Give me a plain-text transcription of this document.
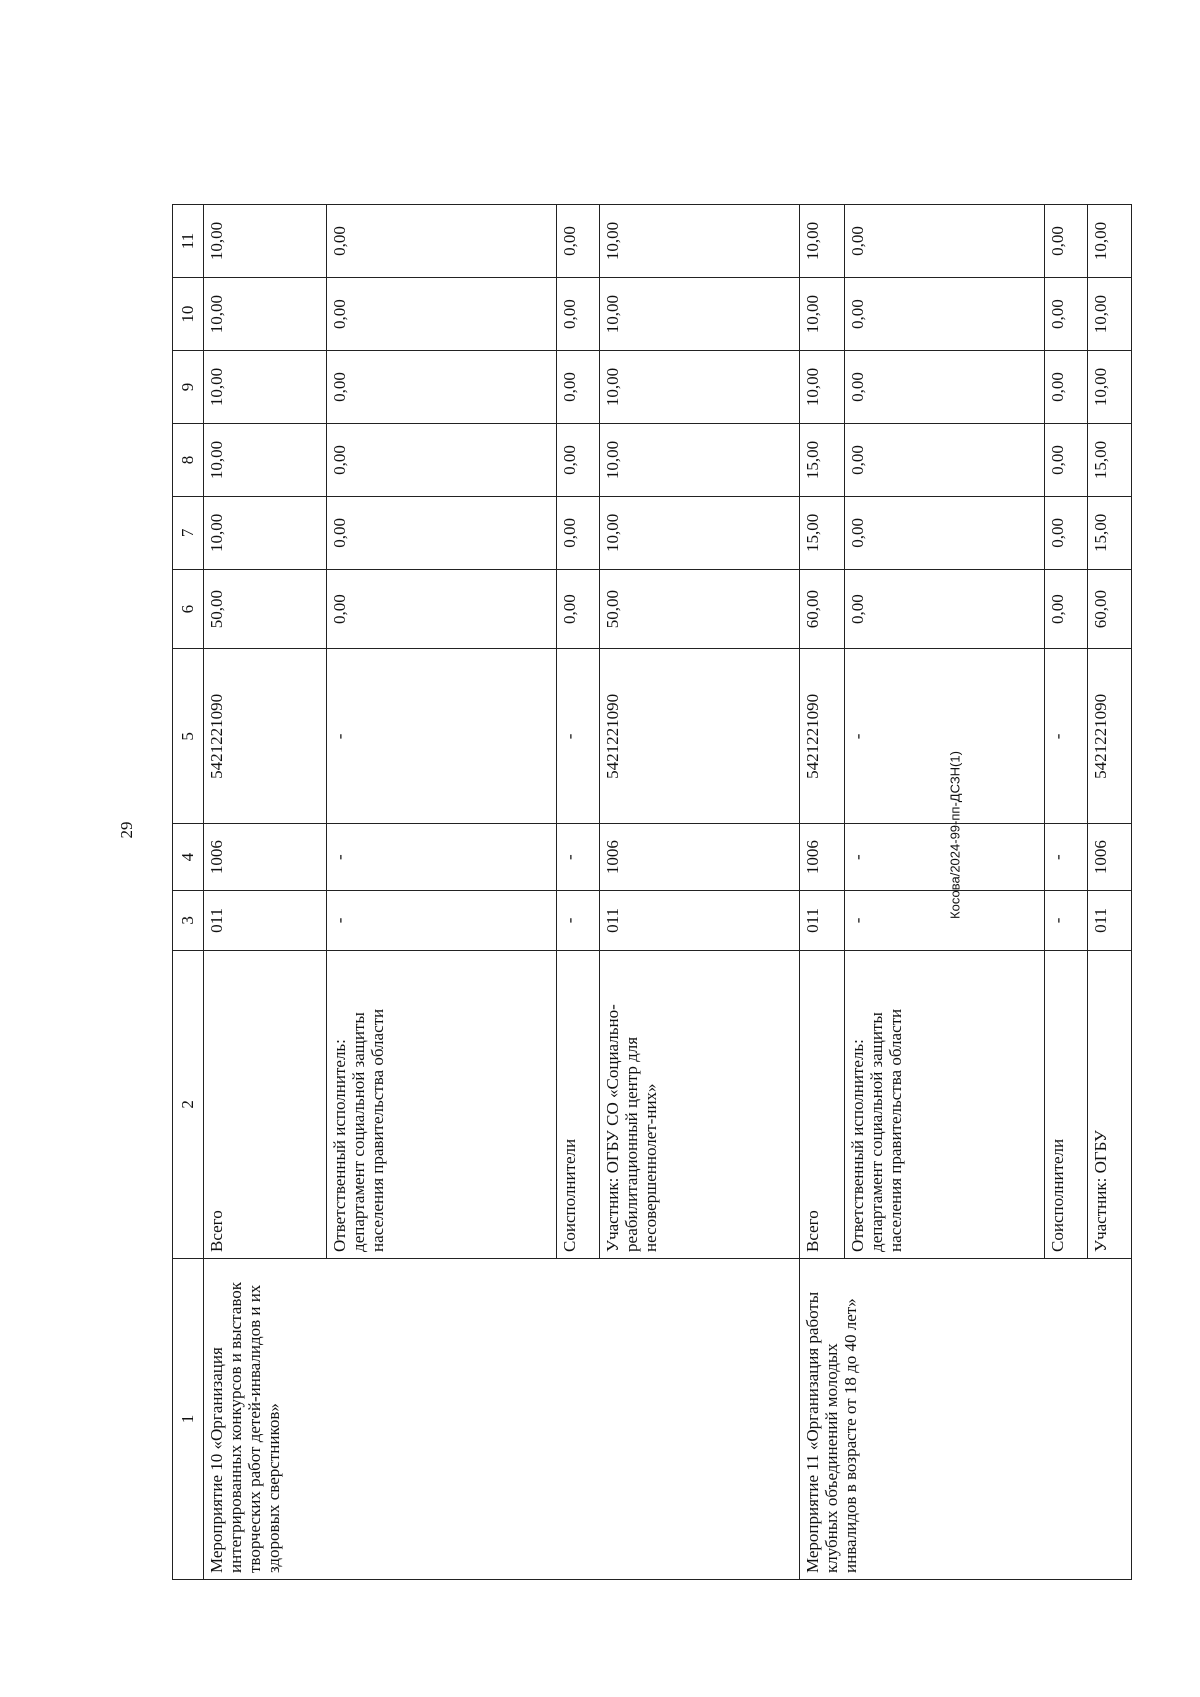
29
1	2	3	4	5	6	7	8	9	10	11
Мероприятие 10 «Организация интегрированных конкурсов и выставок творческих работ детей-инвалидов и их здоровых сверстников»	Всего	011	1006	5421221090	50,00	10,00	10,00	10,00	10,00	10,00
	Ответственный исполнитель: департамент социальной защиты населения правительства области	-	-	-	0,00	0,00	0,00	0,00	0,00	0,00
	Соисполнители	-	-	-	0,00	0,00	0,00	0,00	0,00	0,00
	Участник: ОГБУ СО «Социально-реабилитационный центр для несовершеннолет-них»	011	1006	5421221090	50,00	10,00	10,00	10,00	10,00	10,00
Мероприятие 11 «Организация работы клубных объединений молодых инвалидов в возрасте от 18 до 40 лет»	Всего	011	1006	5421221090	60,00	15,00	15,00	10,00	10,00	10,00
	Ответственный исполнитель: департамент социальной защиты населения правительства области	-	-	-	0,00	0,00	0,00	0,00	0,00	0,00
	Соисполнители	-	-	-	0,00	0,00	0,00	0,00	0,00	0,00
	Участник: ОГБУ	011	1006	5421221090	60,00	15,00	15,00	10,00	10,00	10,00
Косова/2024-99-пп-ДСЗН(1)
